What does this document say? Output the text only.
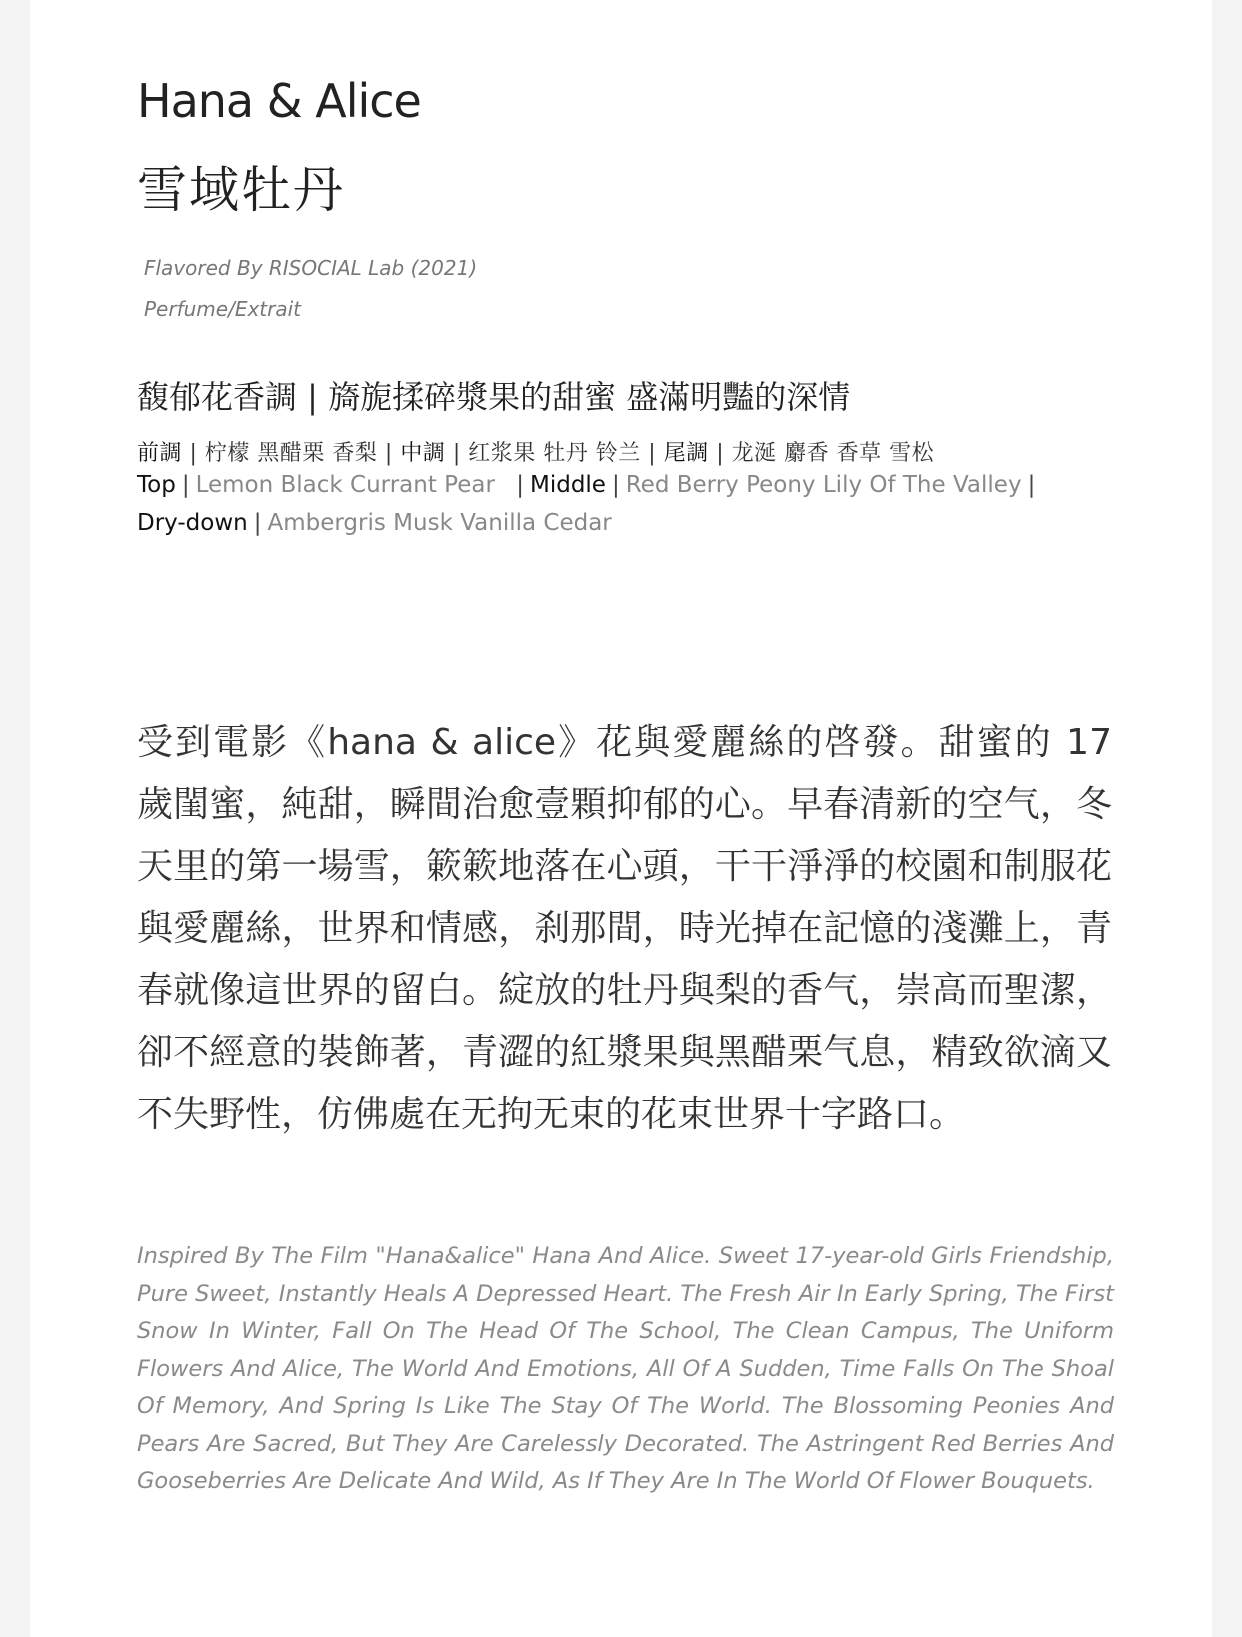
Hana & Alice
雪域牡丹
Flavored By RISOCIAL Lab (2021)
Perfume/Extrait
馥郁花香調 | 旖旎揉碎漿果的甜蜜 盛滿明豔的深情
前調 | 柠檬 黑醋栗 香梨 | 中調 | 红浆果 牡丹 铃兰 | 尾調 | 龙涎 麝香 香草 雪松
Top | Lemon Black Currant Pear | Middle | Red Berry Peony Lily Of The Valley |
Dry-down | Ambergris Musk Vanilla Cedar
受到電影《hana & alice》花與愛麗絲的啓發。甜蜜的 17 歲閨蜜，純甜，瞬間治愈壹顆抑郁的心。早春清新的空气，冬天里的第一場雪，簌簌地落在心頭，干干淨淨的校園和制服花與愛麗絲，世界和情感，刹那間，時光掉在記憶的淺灘上，青春就像這世界的留白。綻放的牡丹與梨的香气，崇高而聖潔，卻不經意的裝飾著，青澀的紅漿果與黑醋栗气息，精致欲滴又不失野性，仿佛處在无拘无束的花束世界十字路口。
Inspired By The Film "Hana&alice" Hana And Alice. Sweet 17-year-old Girls Friendship, Pure Sweet, Instantly Heals A Depressed Heart. The Fresh Air In Early Spring, The First Snow In Winter, Fall On The Head Of The School, The Clean Campus, The Uniform Flowers And Alice, The World And Emotions, All Of A Sudden, Time Falls On The Shoal Of Memory, And Spring Is Like The Stay Of The World. The Blossoming Peonies And Pears Are Sacred, But They Are Carelessly Decorated. The Astringent Red Berries And Gooseberries Are Delicate And Wild, As If They Are In The World Of Flower Bouquets.
